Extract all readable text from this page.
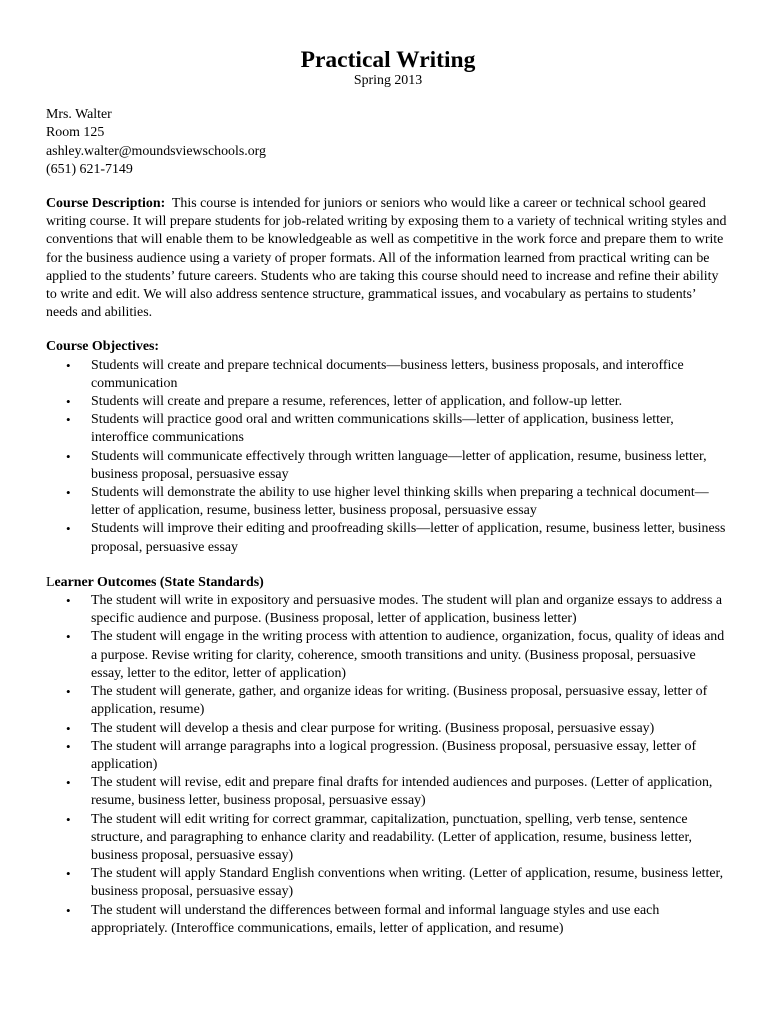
Practical Writing
Spring 2013
Mrs. Walter
Room 125
ashley.walter@moundsviewschools.org
(651) 621-7149

Course Description: This course is intended for juniors or seniors who would like a career or technical school geared writing course. It will prepare students for job-related writing by exposing them to a variety of technical writing styles and conventions that will enable them to be knowledgeable as well as competitive in the work force and prepare them to write for the business audience using a variety of proper formats. All of the information learned from practical writing can be applied to the students’ future careers. Students who are taking this course should need to increase and refine their ability to write and edit. We will also address sentence structure, grammatical issues, and vocabulary as pertains to students’ needs and abilities.

Course Objectives:
• Students will create and prepare technical documents—business letters, business proposals, and interoffice communication
• Students will create and prepare a resume, references, letter of application, and follow-up letter.
• Students will practice good oral and written communications skills—letter of application, business letter, interoffice communications
• Students will communicate effectively through written language—letter of application, resume, business letter, business proposal, persuasive essay
• Students will demonstrate the ability to use higher level thinking skills when preparing a technical document—letter of application, resume, business letter, business proposal, persuasive essay
• Students will improve their editing and proofreading skills—letter of application, resume, business letter, business proposal, persuasive essay
Learner Outcomes (State Standards)
• The student will write in expository and persuasive modes. The student will plan and organize essays to address a specific audience and purpose. (Business proposal, letter of application, business letter)
• The student will engage in the writing process with attention to audience, organization, focus, quality of ideas and a purpose. Revise writing for clarity, coherence, smooth transitions and unity. (Business proposal, persuasive essay, letter to the editor, letter of application)
• The student will generate, gather, and organize ideas for writing. (Business proposal, persuasive essay, letter of application, resume)
• The student will develop a thesis and clear purpose for writing. (Business proposal, persuasive essay)
• The student will arrange paragraphs into a logical progression. (Business proposal, persuasive essay, letter of application)
• The student will revise, edit and prepare final drafts for intended audiences and purposes. (Letter of application, resume, business letter, business proposal, persuasive essay)
• The student will edit writing for correct grammar, capitalization, punctuation, spelling, verb tense, sentence structure, and paragraphing to enhance clarity and readability. (Letter of application, resume, business letter, business proposal, persuasive essay)
• The student will apply Standard English conventions when writing. (Letter of application, resume, business letter, business proposal, persuasive essay)
• The student will understand the differences between formal and informal language styles and use each appropriately. (Interoffice communications, emails, letter of application, and resume)
